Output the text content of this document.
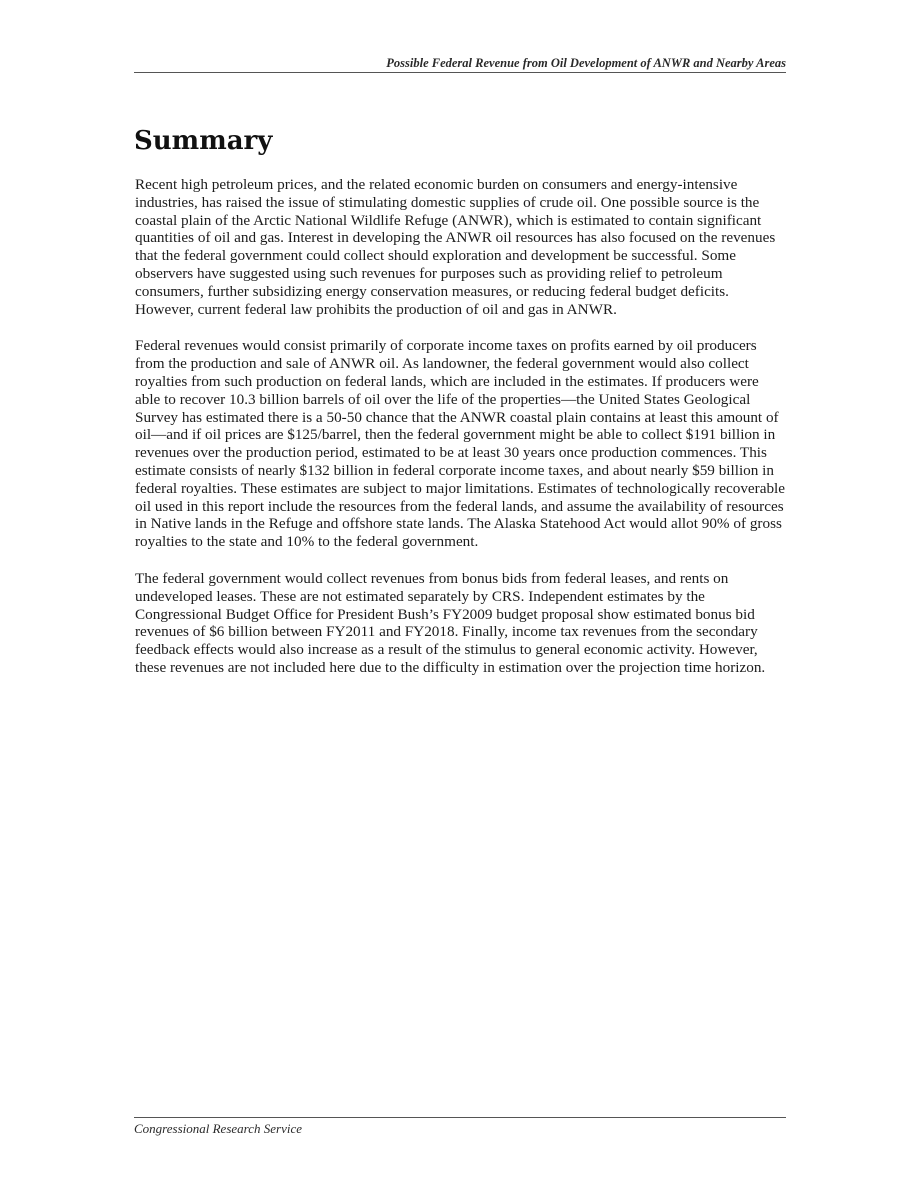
Possible Federal Revenue from Oil Development of ANWR and Nearby Areas
Summary

Recent high petroleum prices, and the related economic burden on consumers and energy-intensive industries, has raised the issue of stimulating domestic supplies of crude oil. One possible source is the coastal plain of the Arctic National Wildlife Refuge (ANWR), which is estimated to contain significant quantities of oil and gas. Interest in developing the ANWR oil resources has also focused on the revenues that the federal government could collect should exploration and development be successful. Some observers have suggested using such revenues for purposes such as providing relief to petroleum consumers, further subsidizing energy conservation measures, or reducing federal budget deficits. However, current federal law prohibits the production of oil and gas in ANWR.

Federal revenues would consist primarily of corporate income taxes on profits earned by oil producers from the production and sale of ANWR oil. As landowner, the federal government would also collect royalties from such production on federal lands, which are included in the estimates. If producers were able to recover 10.3 billion barrels of oil over the life of the properties—the United States Geological Survey has estimated there is a 50-50 chance that the ANWR coastal plain contains at least this amount of oil—and if oil prices are $125/barrel, then the federal government might be able to collect $191 billion in revenues over the production period, estimated to be at least 30 years once production commences. This estimate consists of nearly $132 billion in federal corporate income taxes, and about nearly $59 billion in federal royalties. These estimates are subject to major limitations. Estimates of technologically recoverable oil used in this report include the resources from the federal lands, and assume the availability of resources in Native lands in the Refuge and offshore state lands. The Alaska Statehood Act would allot 90% of gross royalties to the state and 10% to the federal government.

The federal government would collect revenues from bonus bids from federal leases, and rents on undeveloped leases. These are not estimated separately by CRS. Independent estimates by the Congressional Budget Office for President Bush’s FY2009 budget proposal show estimated bonus bid revenues of $6 billion between FY2011 and FY2018. Finally, income tax revenues from the secondary feedback effects would also increase as a result of the stimulus to general economic activity. However, these revenues are not included here due to the difficulty in estimation over the projection time horizon.

Congressional Research Service
